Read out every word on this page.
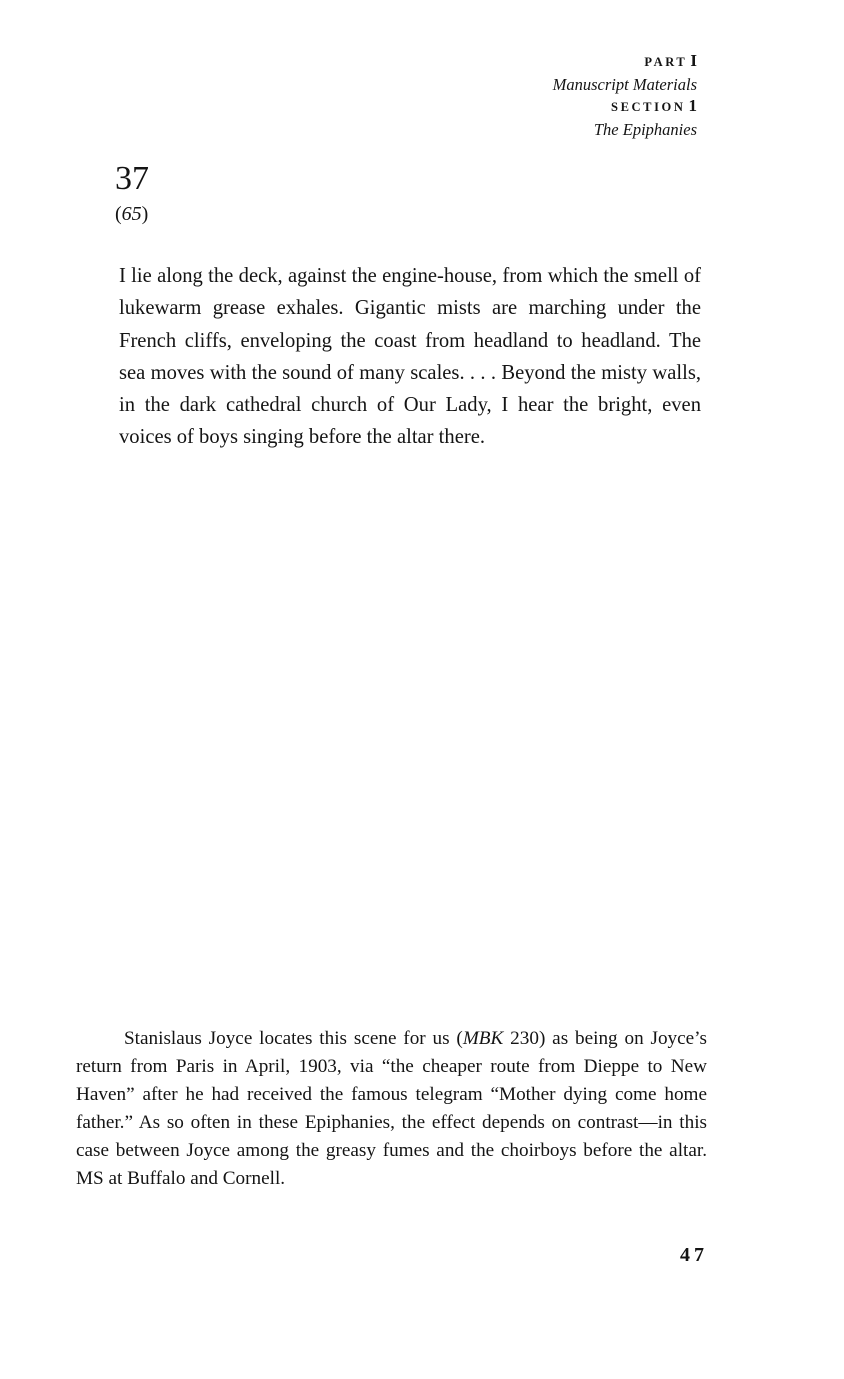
PART I
Manuscript Materials
SECTION 1
The Epiphanies
37
(65)

I lie along the deck, against the engine-house, from which the smell of lukewarm grease exhales. Gigantic mists are marching under the French cliffs, enveloping the coast from headland to headland. The sea moves with the sound of many scales. . . . Beyond the misty walls, in the dark cathedral church of Our Lady, I hear the bright, even voices of boys singing before the altar there.

Stanislaus Joyce locates this scene for us (MBK 230) as being on Joyce’s return from Paris in April, 1903, via “the cheaper route from Dieppe to New Haven” after he had received the famous telegram “Mother dying come home father.” As so often in these Epiphanies, the effect depends on contrast—in this case between Joyce among the greasy fumes and the choirboys before the altar. MS at Buffalo and Cornell.

47
